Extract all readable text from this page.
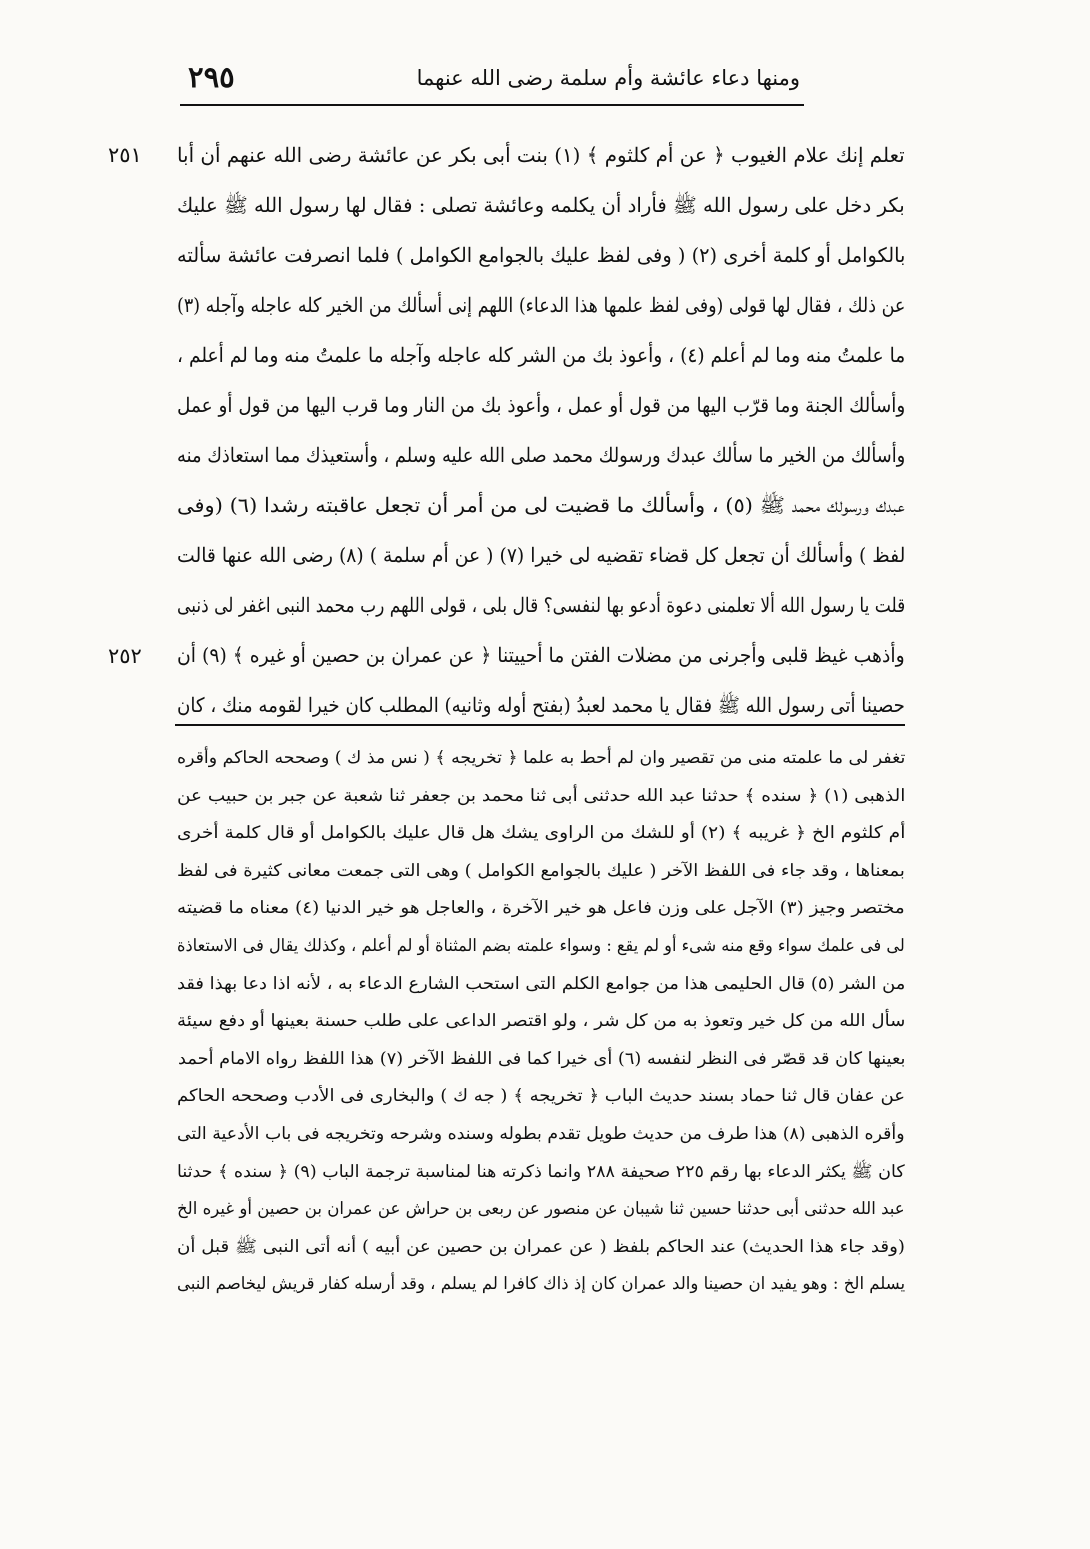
ومنها دعاء عائشة وأم سلمة رضى الله عنهما
٢٩٥
٢٥١
٢٥٢
تعلم إنك علام الغيوب ﴿ عن أم كلثوم ﴾ (١) بنت أبى بكر عن عائشة رضى الله عنهم أن أبا
بكر دخل على رسول الله ﷺ فأراد أن يكلمه وعائشة تصلى : فقال لها رسول الله ﷺ عليك
بالكوامل أو كلمة أخرى (٢) ( وفى لفظ عليك بالجوامع الكوامل ) فلما انصرفت عائشة سألته
عن ذلك ، فقال لها قولى (وفى لفظ علمها هذا الدعاء) اللهم إنى أسألك من الخير كله عاجله وآجله (٣)
ما علمتُ منه وما لم أعلم (٤) ، وأعوذ بك من الشر كله عاجله وآجله ما علمتُ منه وما لم أعلم ،
وأسألك الجنة وما قرّب اليها من قول أو عمل ، وأعوذ بك من النار وما قرب اليها من قول أو عمل
وأسألك من الخير ما سألك عبدك ورسولك محمد صلى الله عليه وسلم ، وأستعيذك مما استعاذك منه
عبدك ورسولك محمد ﷺ (٥) ، وأسألك ما قضيت لى من أمر أن تجعل عاقبته رشدا (٦) (وفى
لفظ ) وأسألك أن تجعل كل قضاء تقضيه لى خيرا (٧) ( عن أم سلمة ) (٨) رضى الله عنها قالت
قلت يا رسول الله ألا تعلمنى دعوة أدعو بها لنفسى؟ قال بلى ، قولى اللهم رب محمد النبى اغفر لى ذنبى
وأذهب غيظ قلبى وأجرنى من مضلات الفتن ما أحييتنا ﴿ عن عمران بن حصين أو غيره ﴾ (٩) أن
حصينا أتى رسول الله ﷺ فقال يا محمد لعبدُ (بفتح أوله وثانيه) المطلب كان خيرا لقومه منك ، كان
تغفر لى ما علمته منى من تقصير وان لم أحط به علما ﴿ تخريجه ﴾ ( نس مذ ك ) وصححه الحاكم وأقره
الذهبى (١) ﴿ سنده ﴾ حدثنا عبد الله حدثنى أبى ثنا محمد بن جعفر ثنا شعبة عن جبر بن حبيب عن
أم كلثوم الخ ﴿ غريبه ﴾ (٢) أو للشك من الراوى يشك هل قال عليك بالكوامل أو قال كلمة أخرى
بمعناها ، وقد جاء فى اللفظ الآخر ( عليك بالجوامع الكوامل ) وهى التى جمعت معانى كثيرة فى لفظ
مختصر وجيز (٣) الآجل على وزن فاعل هو خير الآخرة ، والعاجل هو خير الدنيا (٤) معناه ما قضيته
لى فى علمك سواء وقع منه شىء أو لم يقع : وسواء علمته بضم المثناة أو لم أعلم ، وكذلك يقال فى الاستعاذة
من الشر (٥) قال الحليمى هذا من جوامع الكلم التى استحب الشارع الدعاء به ، لأنه اذا دعا بهذا فقد
سأل الله من كل خير وتعوذ به من كل شر ، ولو اقتصر الداعى على طلب حسنة بعينها أو دفع سيئة
بعينها كان قد قصّر فى النظر لنفسه (٦) أى خيرا كما فى اللفظ الآخر (٧) هذا اللفظ رواه الامام أحمد
عن عفان قال ثنا حماد بسند حديث الباب ﴿ تخريجه ﴾ ( جه ك ) والبخارى فى الأدب وصححه الحاكم
وأقره الذهبى (٨) هذا طرف من حديث طويل تقدم بطوله وسنده وشرحه وتخريجه فى باب الأدعية التى
كان ﷺ يكثر الدعاء بها رقم ٢٢٥ صحيفة ٢٨٨ وانما ذكرته هنا لمناسبة ترجمة الباب (٩) ﴿ سنده ﴾ حدثنا
عبد الله حدثنى أبى حدثنا حسين ثنا شيبان عن منصور عن ربعى بن حراش عن عمران بن حصين أو غيره الخ
(وقد جاء هذا الحديث) عند الحاكم بلفظ ( عن عمران بن حصين عن أبيه ) أنه أتى النبى ﷺ قبل أن
يسلم الخ : وهو يفيد ان حصينا والد عمران كان إذ ذاك كافرا لم يسلم ، وقد أرسله كفار قريش ليخاصم النبى
